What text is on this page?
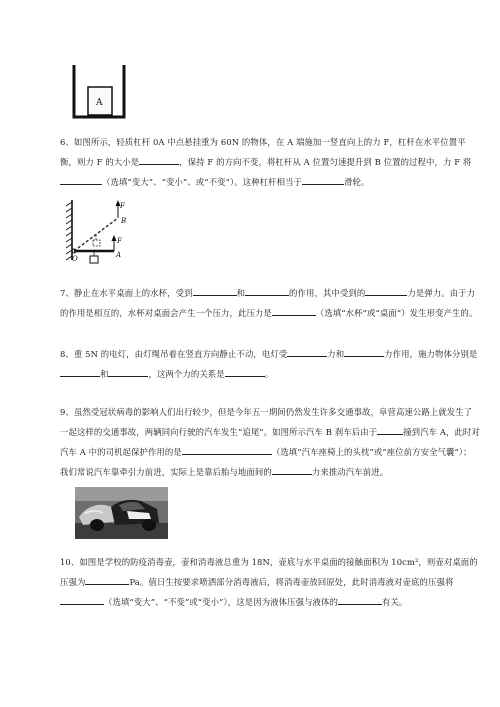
A
6、如图所示，轻质杠杆 0A 中点悬挂重为 60N 的物体，在 A 端施加一竖直向上的力 F，杠杆在水平位置平衡，则力 F 的大小是	，保持 F 的方向不变，将杠杆从 A 位置匀速提升到 B 位置的过程中，力 F 将（选填“变大”、“变小”、或“不变”）。这种杠杆相当于	滑轮。
F
B
A
O
F
7、静止在水平桌面上的水杯，受到	和	的作用，其中受到的	力是弹力。由于力的作用是相互的，水杯对桌面会产生一个压力，此压力是	（选填“水杯”或“桌面”）发生形变产生的。
8、重 5N 的电灯，由灯绳吊着在竖直方向静止不动，电灯受	力和	力作用，施力物体分别是和	，这两个力的关系是	。
9、虽然受冠状病毒的影响人们出行较少，但是今年五一期间仍然发生许多交通事故，阜营高速公路上就发生了一起这样的交通事故，两辆同向行驶的汽车发生“追尾”。如图所示汽车 B 刹车后由于	撞到汽车 A，此时对汽车 A 中的司机起保护作用的是	（选填“汽车座椅上的头枕”或“座位前方安全气囊”）；我们常说汽车靠牵引力前进，实际上是靠后胎与地面间的	力来推动汽车前进。
10、如图是学校的防疫消毒壶，壶和消毒液总重为 18N，壶底与水平桌面的接触面积为 10cm²，则壶对桌面的压强为	Pa。值日生按要求喷洒部分消毒液后，将消毒壶放回原处，此时消毒液对壶底的压强将（选填“变大”、“不变”或“变小”），这是因为液体压强与液体的	有关。
